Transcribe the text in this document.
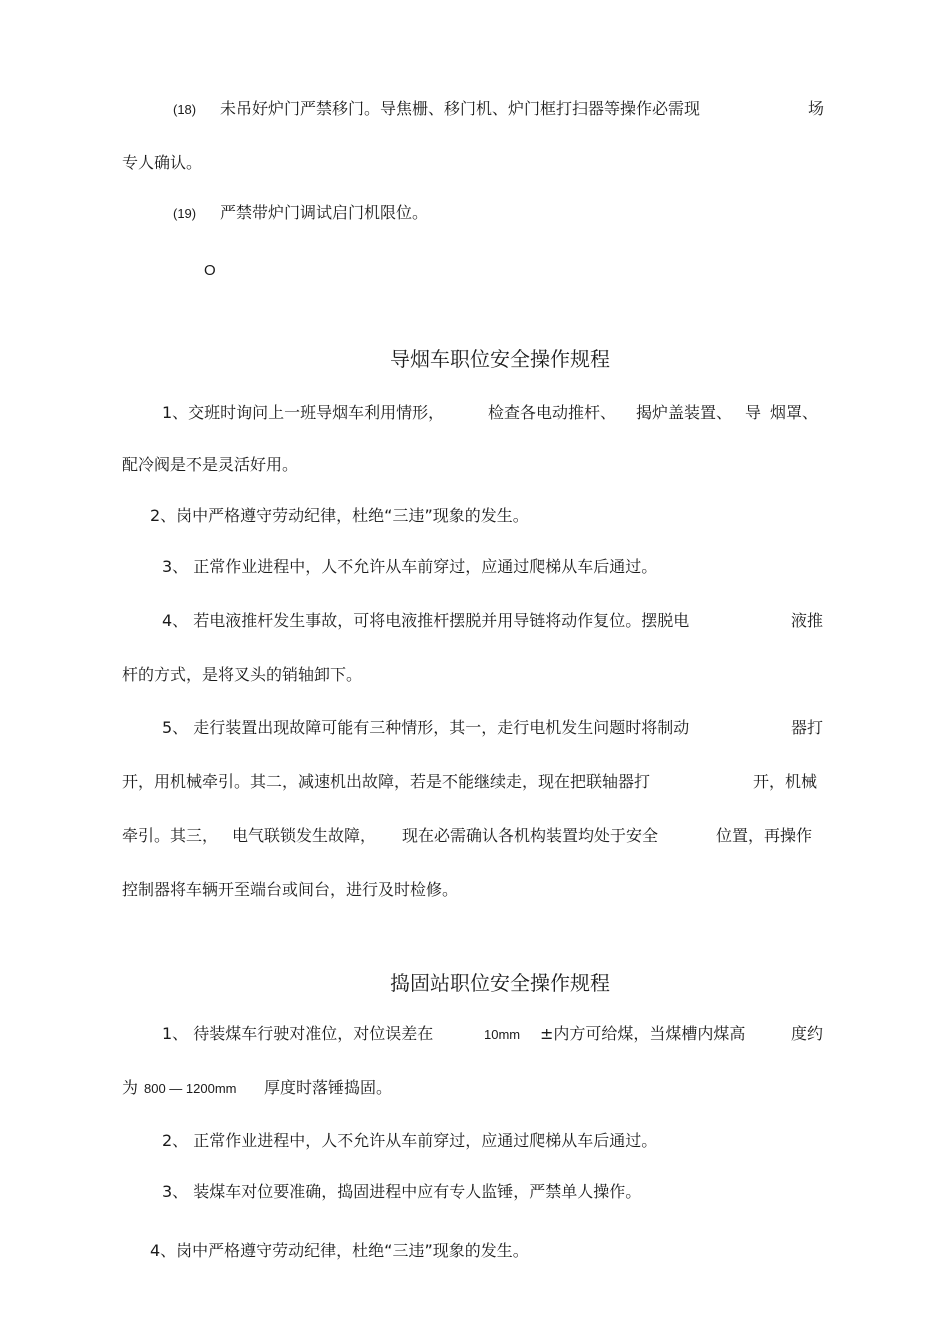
(18) 未吊好炉门严禁移门。导焦栅、移门机、炉门框打扫器等操作必需现	场
专人确认。
(19) 严禁带炉门调试启门机限位。
O
导烟车职位安全操作规程
1、交班时询问上一班导烟车利用情形，	检查各电动推杆、 揭炉盖装置、 导 烟罩、
配冷阀是不是灵活好用。
2、岗中严格遵守劳动纪律，杜绝“三违”现象的发生。
3、 正常作业进程中，人不允许从车前穿过，应通过爬梯从车后通过。
4、 若电液推杆发生事故，可将电液推杆摆脱并用导链将动作复位。摆脱电	液推
杆的方式，是将叉头的销轴卸下。
5、 走行装置出现故障可能有三种情形，其一，走行电机发生问题时将制动	器打
开，用机械牵引。其二，减速机出故障，若是不能继续走，现在把联轴器打	开，机械
牵引。其三， 电气联锁发生故障， 现在必需确认各机构装置均处于安全	位置，再操作
控制器将车辆开至端台或间台，进行及时检修。
捣固站职位安全操作规程
1、 待装煤车行驶对准位，对位误差在	10mm ±内方可给煤，当煤槽内煤高	度约
为 800 — 1200mm 厚度时落锤捣固。
2、 正常作业进程中，人不允许从车前穿过，应通过爬梯从车后通过。
3、 装煤车对位要准确，捣固进程中应有专人监锤，严禁单人操作。
4、岗中严格遵守劳动纪律，杜绝“三违”现象的发生。
